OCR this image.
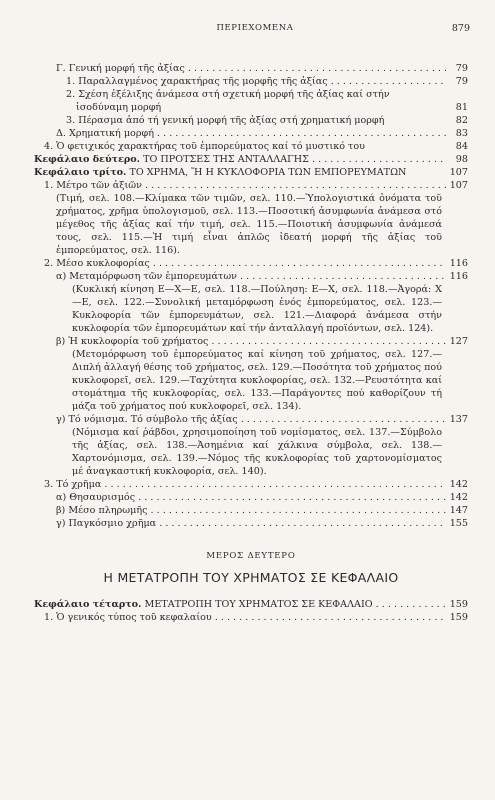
ΠΕΡΙΕΧΟΜΕΝΑ	879
Γ. Γενική μορφή τῆς ἀξίας . . .	79
1. Παραλλαγμένος χαρακτήρας τῆς μορφῆς τῆς ἀξίας . . .	79
2. Σχέση ἐξέλιξης ἀνάμεσα στή σχετική μορφή τῆς ἀξίας καί στήν ἰσοδύναμη μορφή	81
3. Πέρασμα ἀπό τή γενική μορφή τῆς ἀξίας στή χρηματική μορφή	82
Δ. Χρηματική μορφή . . .	83
4. Ὁ φετιχικός χαρακτήρας τοῦ ἐμπορεύματος καί τό μυστικό του	84
Κεφάλαιο δεύτερο. ΤΟ ΠΡΟΤΣΕΣ ΤΗΣ ΑΝΤΑΛΛΑΓΗΣ . . .	98
Κεφάλαιο τρίτο. ΤΟ ΧΡΗΜΑ, Ἤ Η ΚΥΚΛΟΦΟΡΙΑ ΤΩΝ ΕΜΠΟΡΕΥΜΑΤΩΝ	107
1. Μέτρο τῶν ἀξιῶν . . .	107
(Τιμή, σελ. 108.—Κλίμακα τῶν τιμῶν, σελ. 110.—Ὑπολογιστικά ὀνόματα τοῦ χρήματος, χρῆμα ὑπολογισμοῦ, σελ. 113.—Ποσοτική ἀσυμφωνία ἀνάμεσα στό μέγεθος τῆς ἀξίας καί τήν τιμή, σελ. 115.—Ποιοτική ἀσυμφωνία ἀνάμεσά τους, σελ. 115.—Ἡ τιμή εἶναι ἁπλῶς ἰδεατή μορφή τῆς ἀξίας τοῦ ἐμπορεύματος, σελ. 116).
2. Μέσο κυκλοφορίας . . .	116
α) Μεταμόρφωση τῶν ἐμπορευμάτων . . .	116
(Κυκλική κίνηση Ε—Χ—Ε, σελ. 118.—Πούληση: Ε—Χ, σελ. 118.—Ἀγορά: Χ—Ε, σελ. 122.—Συνολική μεταμόρφωση ἑνός ἐμπορεύματος, σελ. 123.—Κυκλοφορία τῶν ἐμπορευμάτων, σελ. 121.—Διαφορά ἀνάμεσα στήν κυκλοφορία τῶν ἐμπορευμάτων καί τήν ἀνταλλαγή προϊόντων, σελ. 124).
β) Ἡ κυκλοφορία τοῦ χρήματος . . .	127
(Μετομόρφωση τοῦ ἐμπορεύματος καί κίνηση τοῦ χρήματος, σελ. 127.—Διπλή ἀλλαγή θέσης τοῦ χρήματος, σελ. 129.—Ποσότητα τοῦ χρήματος πού κυκλοφορεῖ, σελ. 129.—Ταχύτητα κυκλοφορίας, σελ. 132.—Ρευστότητα καί στομάτημα τῆς κυκλοφορίας, σελ. 133.—Παράγοντες πού καθορίζουν τή μάζα τοῦ χρήματος πού κυκλοφορεῖ, σελ. 134).
γ) Τό νόμισμα. Τό σύμβολο τῆς ἀξίας . . .	137
(Νόμισμα καί ῥάβδοι, χρησιμοποίηση τοῦ νομίσματος, σελ. 137.—Σύμβολο τῆς ἀξίας, σελ. 138.—Ἀσημένια καί χάλκινα σύμβολα, σελ. 138.—Χαρτονόμισμα, σελ. 139.—Νόμος τῆς κυκλοφορίας τοῦ χαρτονομίσματος μέ ἀναγκαστική κυκλοφορία, σελ. 140).
3. Τό χρῆμα . . .	142
α) Θησαυρισμός . . .	142
β) Μέσο πληρωμῆς . . .	147
γ) Παγκόσμιο χρῆμα . . .	155
ΜΕΡΟΣ ΔΕΥΤΕΡΟ
Η ΜΕΤΑΤΡΟΠΗ ΤΟΥ ΧΡΗΜΑΤΟΣ ΣΕ ΚΕΦΑΛΑΙΟ
Κεφάλαιο τέταρτο. ΜΕΤΑΤΡΟΠΗ ΤΟΥ ΧΡΗΜΑΤΟΣ ΣΕ ΚΕΦΑΛΑΙΟ . . .	159
1. Ὁ γενικός τύπος τοῦ κεφαλαίου . . .	159
